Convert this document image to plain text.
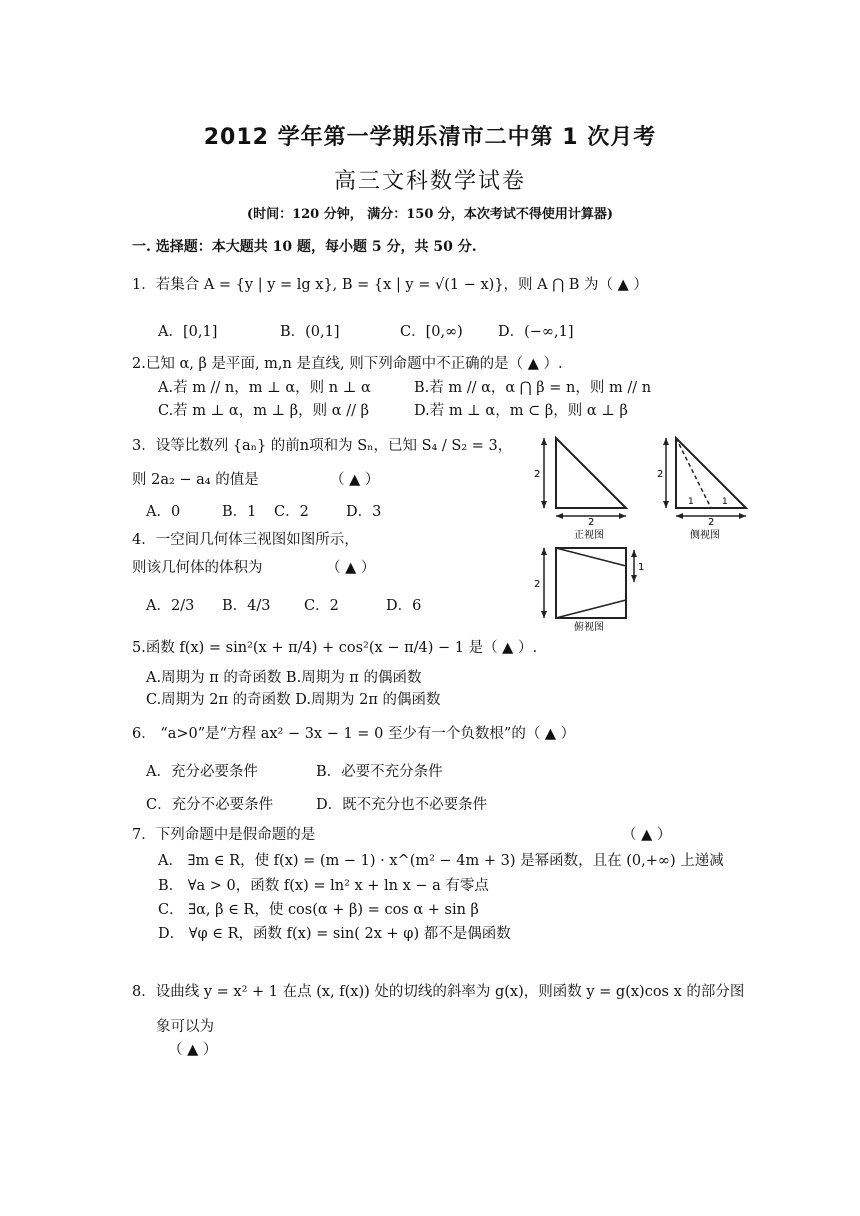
2012 学年第一学期乐清市二中第 1 次月考
高三文科数学试卷
(时间：120 分钟， 满分：150 分，本次考试不得使用计算器)
一. 选择题：本大题共 10 题，每小题 5 分，共 50 分.
1．若集合 A = {y | y = lg x}, B = {x | y = √(1 − x)}，则 A ⋂ B 为（ ▲ ）
A．[0,1]	B．(0,1]	C．[0,∞) D．(−∞,1]
2.已知 α, β 是平面, m,n 是直线, 则下列命题中不正确的是（ ▲ ）.
A.若 m // n，m ⊥ α，则 n ⊥ α	B.若 m // α，α ⋂ β = n，则 m // n
C.若 m ⊥ α，m ⊥ β，则 α // β	D.若 m ⊥ α，m ⊂ β，则 α ⊥ β
3．设等比数列 {aₙ} 的前n项和为 Sₙ，已知 S₄ / S₂ = 3，
则 2a₂ − a₄ 的值是	（ ▲ ）
A．0	B．1 C．2	D．3
4．一空间几何体三视图如图所示，
则该几何体的体积为	（ ▲ ）
A．2/3 B．4/3 C．2	D．6
2
2
正视图
2
1	1
2
侧视图
2
1
俯视图
5.函数 f(x) = sin²(x + π/4) + cos²(x − π/4) − 1 是（ ▲ ）.
A.周期为 π 的奇函数 B.周期为 π 的偶函数
C.周期为 2π 的奇函数 D.周期为 2π 的偶函数
6． “a>0”是“方程 ax² − 3x − 1 = 0 至少有一个负数根”的（ ▲ ）
A．充分必要条件	B．必要不充分条件
C．充分不必要条件	D．既不充分也不必要条件
7．下列命题中是假命题的是	（ ▲ ）
A． ∃m ∈ R，使 f(x) = (m − 1) · x^(m² − 4m + 3) 是幂函数，且在 (0,+∞) 上递减
B． ∀a > 0，函数 f(x) = ln² x + ln x − a 有零点
C． ∃α, β ∈ R，使 cos(α + β) = cos α + sin β
D． ∀φ ∈ R，函数 f(x) = sin( 2x + φ) 都不是偶函数
8．设曲线 y = x² + 1 在点 (x, f(x)) 处的切线的斜率为 g(x)，则函数 y = g(x)cos x 的部分图
象可以为
（ ▲ ）
